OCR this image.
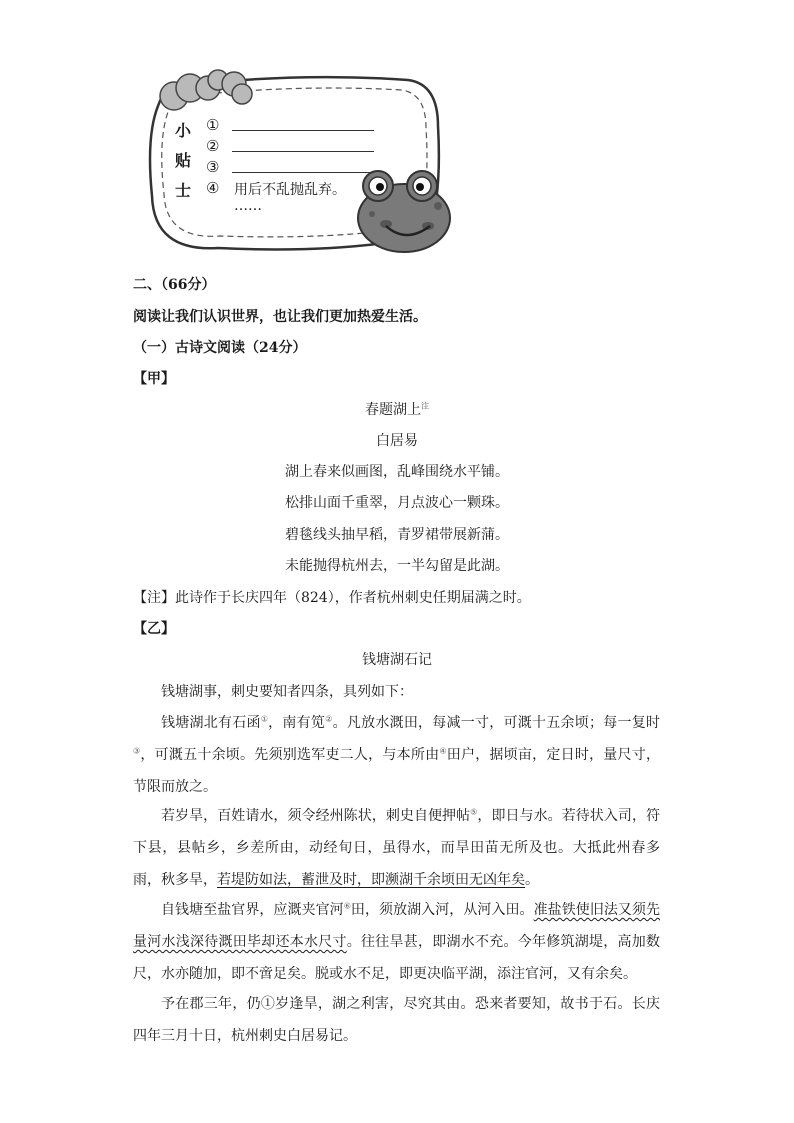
小
贴
士
①
②
③
④ 用后不乱抛乱弃。
……
二、（66分）
阅读让我们认识世界，也让我们更加热爱生活。
（一）古诗文阅读（24分）
【甲】
春题湖上$^注$
白居易
湖上春来似画图，乱峰围绕水平铺。
松排山面千重翠，月点波心一颗珠。
碧毯线头抽早稻，青罗裙带展新蒲。
未能抛得杭州去，一半勾留是此湖。
【注】此诗作于长庆四年（824），作者杭州刺史任期届满之时。
【乙】
钱塘湖石记
钱塘湖事，刺史要知者四条，具列如下：
钱塘湖北有石函①，南有笕②。凡放水溉田，每减一寸，可溉十五余顷；每一复时③，可溉五十余顷。先须别选军吏二人，与本所由④田户，据顷亩，定日时，量尺寸，节限而放之。
若岁旱，百姓请水，须令经州陈状，刺史自便押帖⑤，即日与水。若待状入司，符下县，县帖乡，乡差所由，动经旬日，虽得水，而旱田苗无所及也。大抵此州春多雨，秋多旱，若堤防如法，蓄泄及时，即濒湖千余顷田无凶年矣。
自钱塘至盐官界，应溉夹官河⑥田，须放湖入河，从河入田。准盐铁使旧法又须先量河水浅深待溉田毕却还本水尺寸。往往旱甚，即湖水不充。今年修筑湖堤，高加数尺，水亦随加，即不啻足矣。脱或水不足，即更决临平湖，添注官河，又有余矣。
予在郡三年，仍①岁逢旱，湖之利害，尽究其由。恐来者要知，故书于石。长庆四年三月十日，杭州刺史白居易记。
